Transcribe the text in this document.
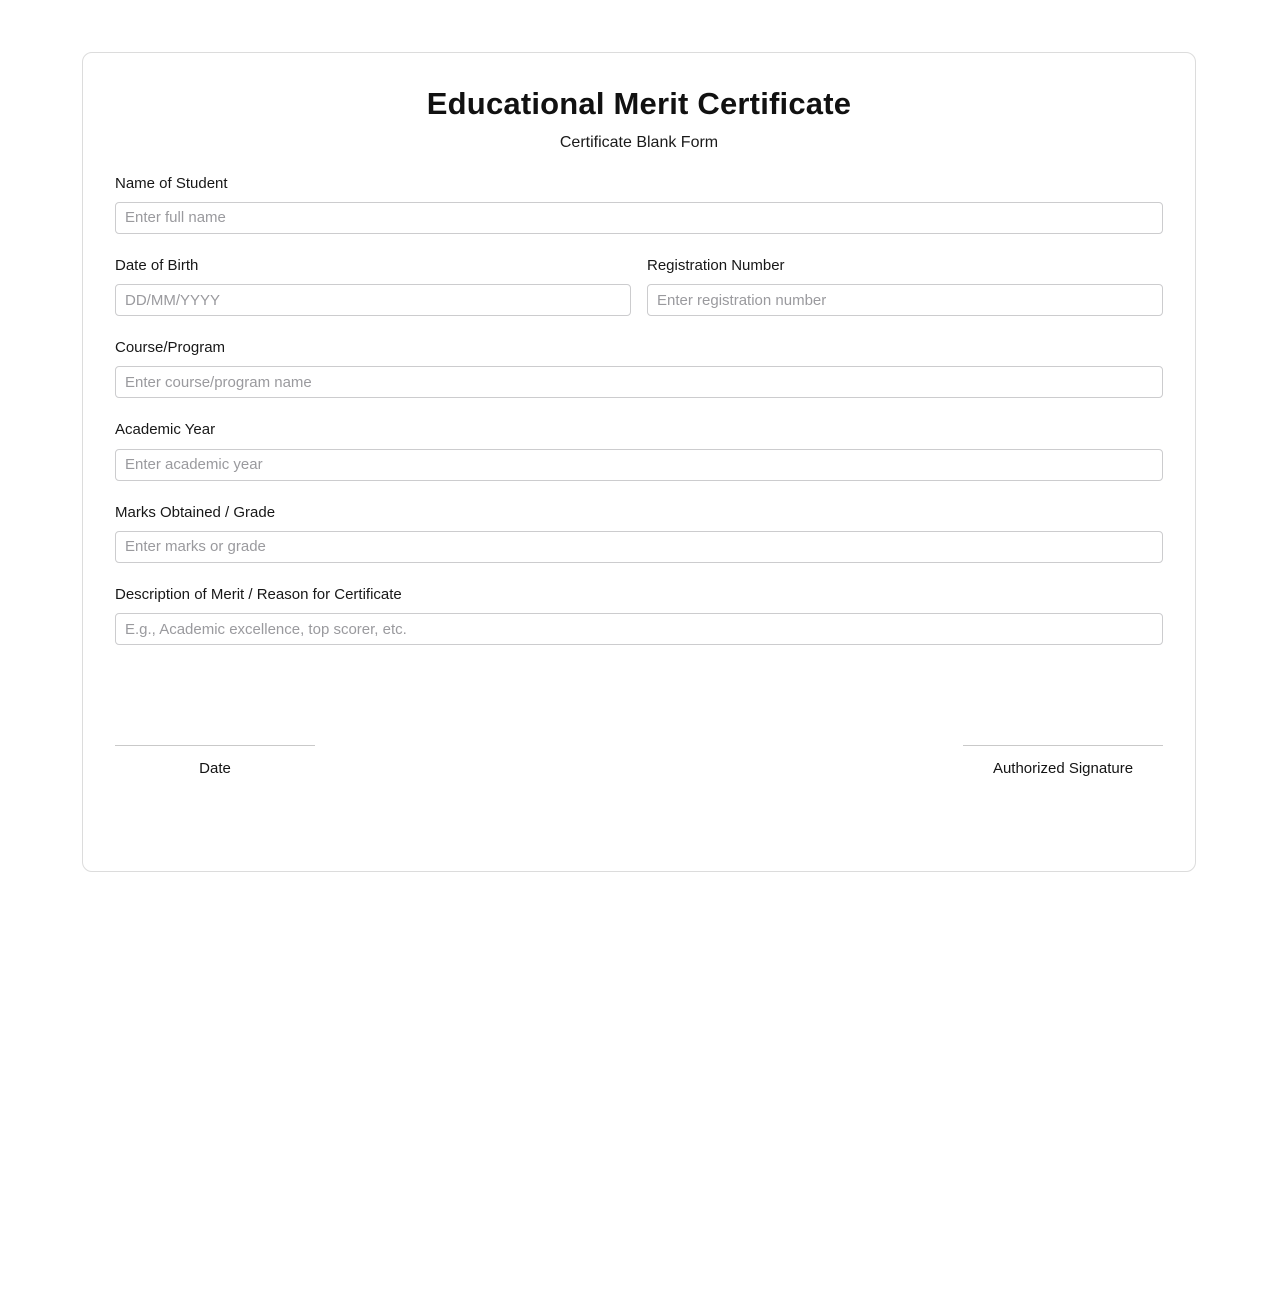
Educational Merit Certificate
Certificate Blank Form
Name of Student
Enter full name
Date of Birth
DD/MM/YYYY	Registration Number
Enter registration number
Course/Program
Enter course/program name
Academic Year
Enter academic year
Marks Obtained / Grade
Enter marks or grade
Description of Merit / Reason for Certificate
E.g., Academic excellence, top scorer, etc.
Date	Authorized Signature
